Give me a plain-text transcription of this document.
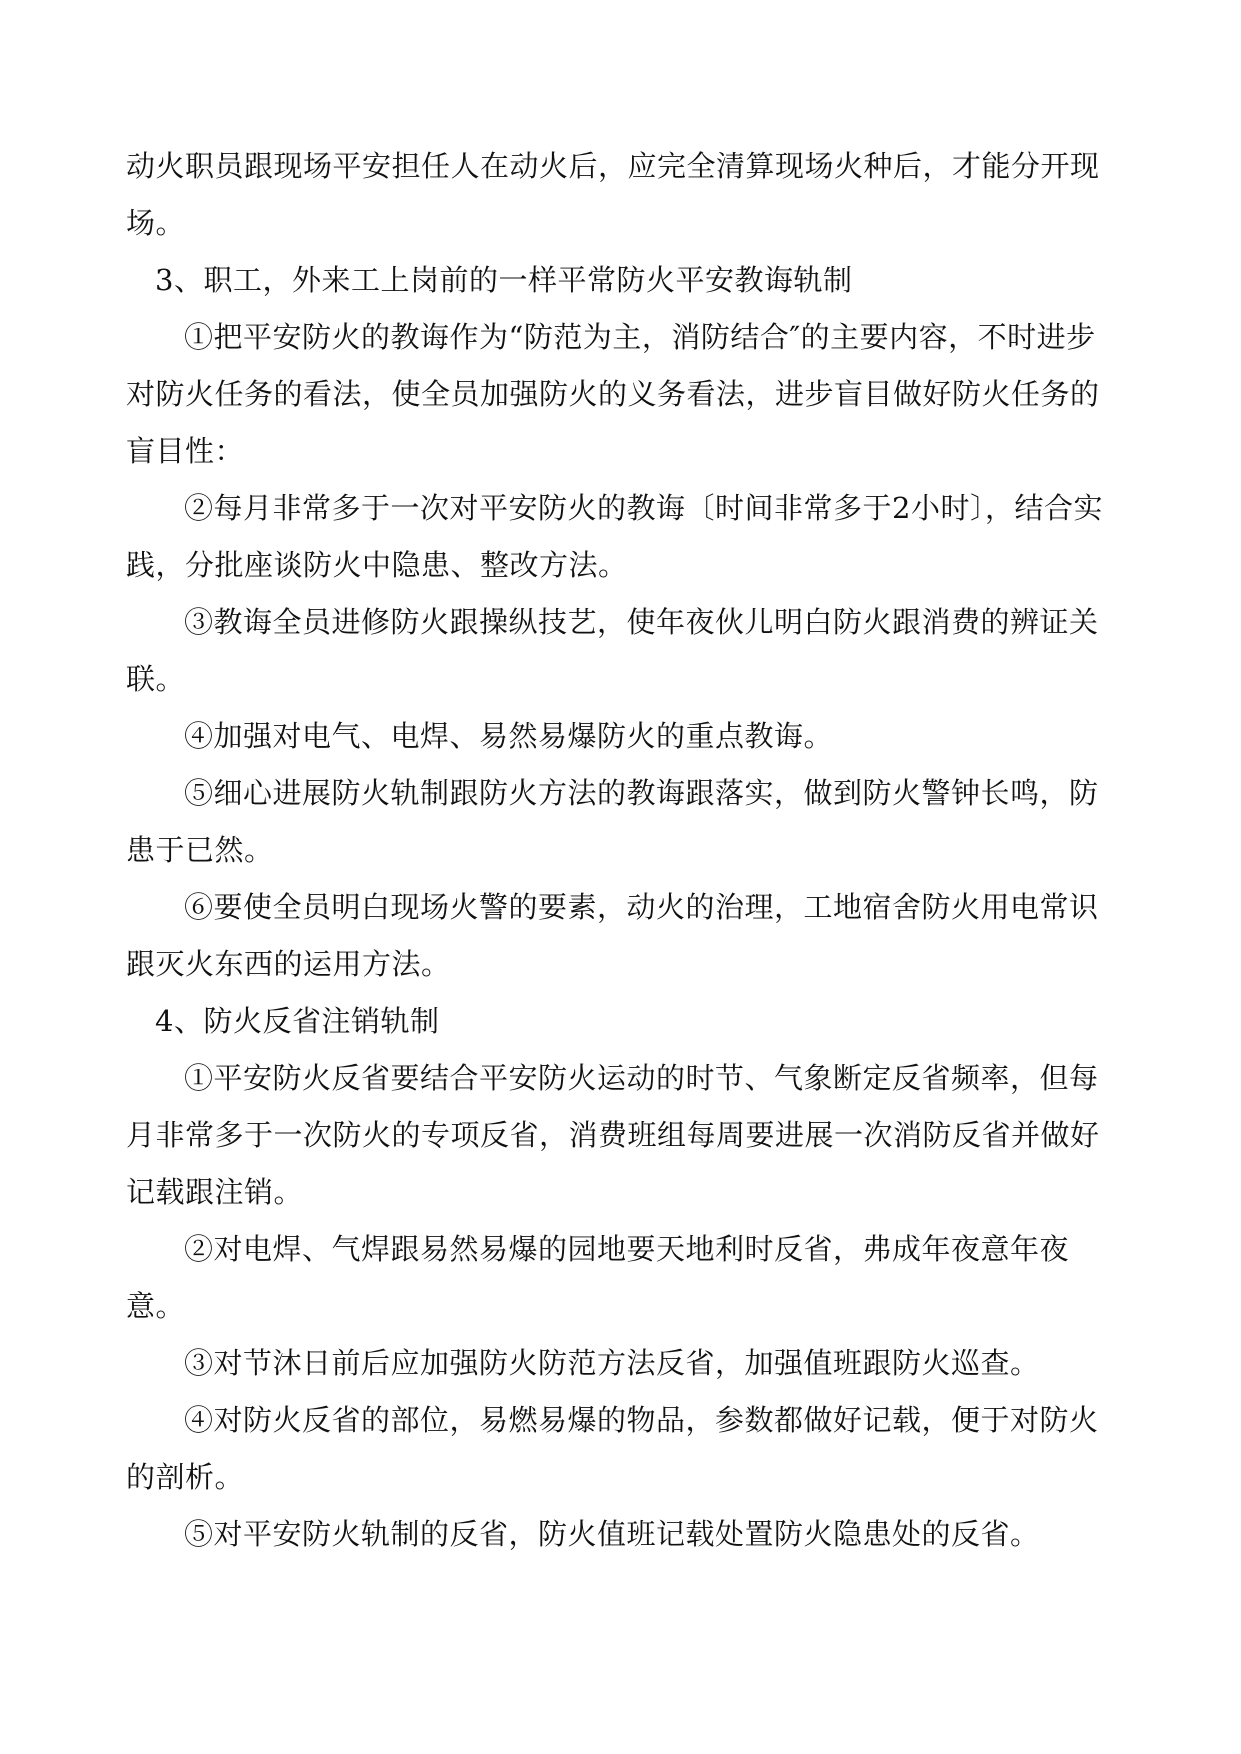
动火职员跟现场平安担任人在动火后，应完全清算现场火种后，才能分开现场。

3、职工，外来工上岗前的一样平常防火平安教诲轨制

①把平安防火的教诲作为“防范为主，消防结合″的主要内容，不时进步对防火任务的看法，使全员加强防火的义务看法，进步盲目做好防火任务的盲目性：

②每月非常多于一次对平安防火的教诲〔时间非常多于2小时〕，结合实践，分批座谈防火中隐患、整改方法。

③教诲全员进修防火跟操纵技艺，使年夜伙儿明白防火跟消费的辨证关联。

④加强对电气、电焊、易然易爆防火的重点教诲。

⑤细心进展防火轨制跟防火方法的教诲跟落实，做到防火警钟长鸣，防患于已然。

⑥要使全员明白现场火警的要素，动火的治理，工地宿舍防火用电常识跟灭火东西的运用方法。

4、防火反省注销轨制

①平安防火反省要结合平安防火运动的时节、气象断定反省频率，但每月非常多于一次防火的专项反省，消费班组每周要进展一次消防反省并做好记载跟注销。

②对电焊、气焊跟易然易爆的园地要天地利时反省，弗成年夜意年夜意。

③对节沐日前后应加强防火防范方法反省，加强值班跟防火巡查。

④对防火反省的部位，易燃易爆的物品，参数都做好记载，便于对防火的剖析。

⑤对平安防火轨制的反省，防火值班记载处置防火隐患处的反省。
